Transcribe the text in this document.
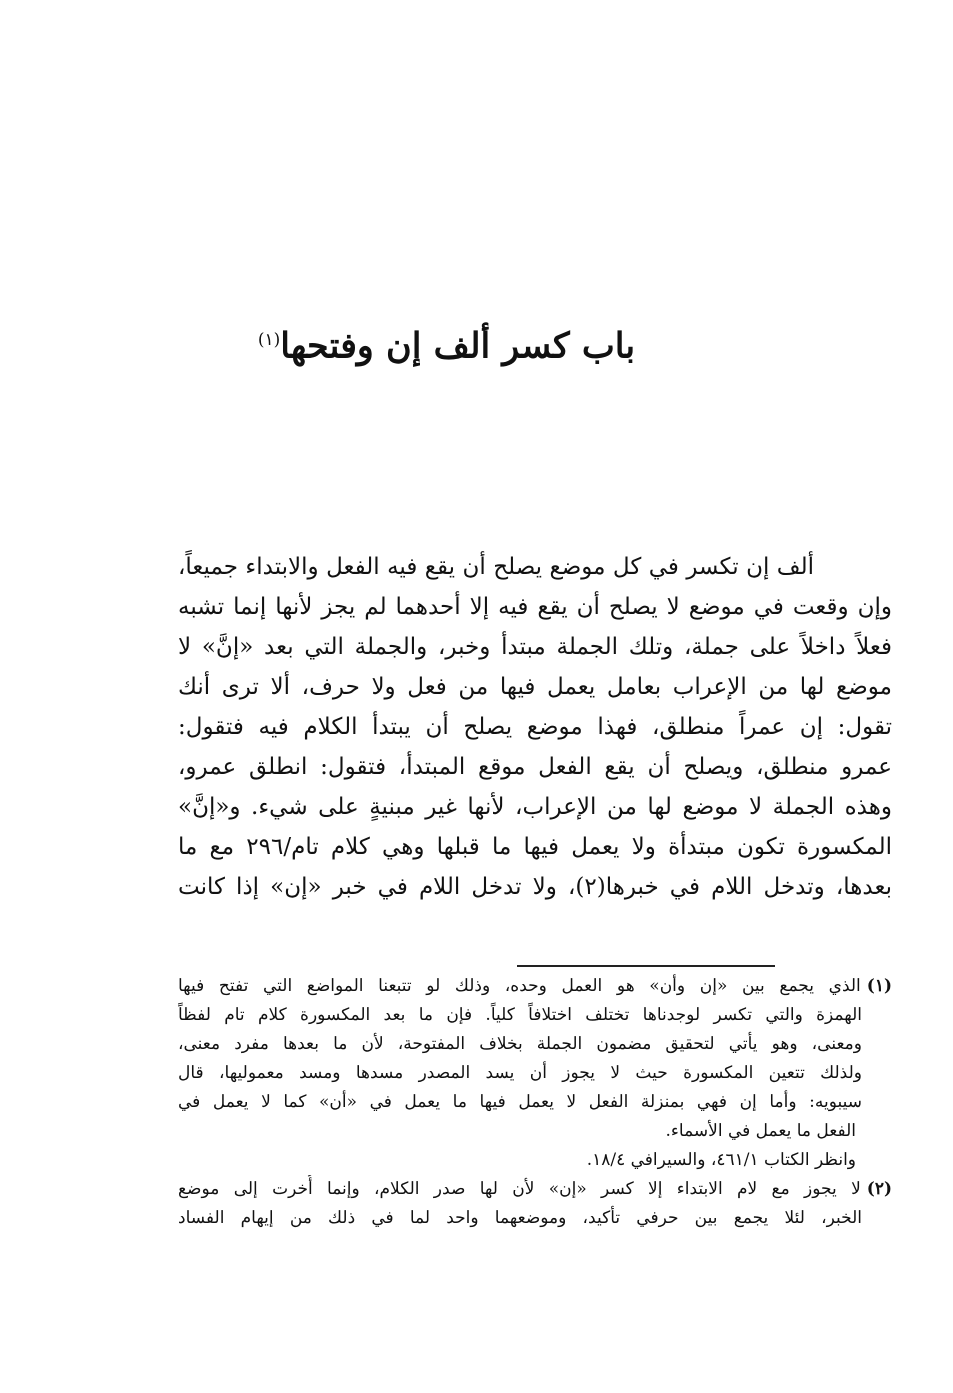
باب كسر ألف إن وفتحها$^{(١)}$
ألف إن تكسر في كل موضع يصلح أن يقع فيه الفعل والابتداء جميعاً،
وإن وقعت في موضع لا يصلح أن يقع فيه إلا أحدهما لم يجز لأنها إنما تشبه
فعلاً داخلاً على جملة، وتلك الجملة مبتدأ وخبر، والجملة التي بعد «إنَّ» لا
موضع لها من الإعراب بعامل يعمل فيها من فعل ولا حرف، ألا ترى أنك
تقول: إن عمراً منطلق، فهذا موضع يصلح أن يبتدأ الكلام فيه فتقول:
عمرو منطلق، ويصلح أن يقع الفعل موقع المبتدأ، فتقول: انطلق عمرو،
وهذه الجملة لا موضع لها من الإعراب، لأنها غير مبنيةٍ على شيء. و«إنَّ»
المكسورة تكون مبتدأة ولا يعمل فيها ما قبلها وهي كلام تام/٢٩٦ مع ما
بعدها، وتدخل اللام في خبرها(٢)، ولا تدخل اللام في خبر «إن» إذا كانت
(١)الذي يجمع بين «إن وأن» هو العمل وحده، وذلك لو تتبعنا المواضع التي تفتح فيها
الهمزة والتي تكسر لوجدناها تختلف اختلافاً كلياً. فإن ما بعد المكسورة كلام تام لفظاً
ومعنى، وهو يأتي لتحقيق مضمون الجملة بخلاف المفتوحة، لأن ما بعدها مفرد معنى،
ولذلك تتعين المكسورة حيث لا يجوز أن يسد المصدر مسدها ومسد معموليها، قال
سيبويه: وأما إن فهي بمنزلة الفعل لا يعمل فيها ما يعمل في «أن» كما لا يعمل في
الفعل ما يعمل في الأسماء.
وانظر الكتاب ٤٦١/١، والسيرافي ١٨/٤.
(٢)لا يجوز مع لام الابتداء إلا كسر «إن» لأن لها صدر الكلام، وإنما أُخرت إلى موضع
الخبر، لئلا يجمع بين حرفي تأكيد، وموضعهما واحد لما في ذلك من إيهام الفساد
